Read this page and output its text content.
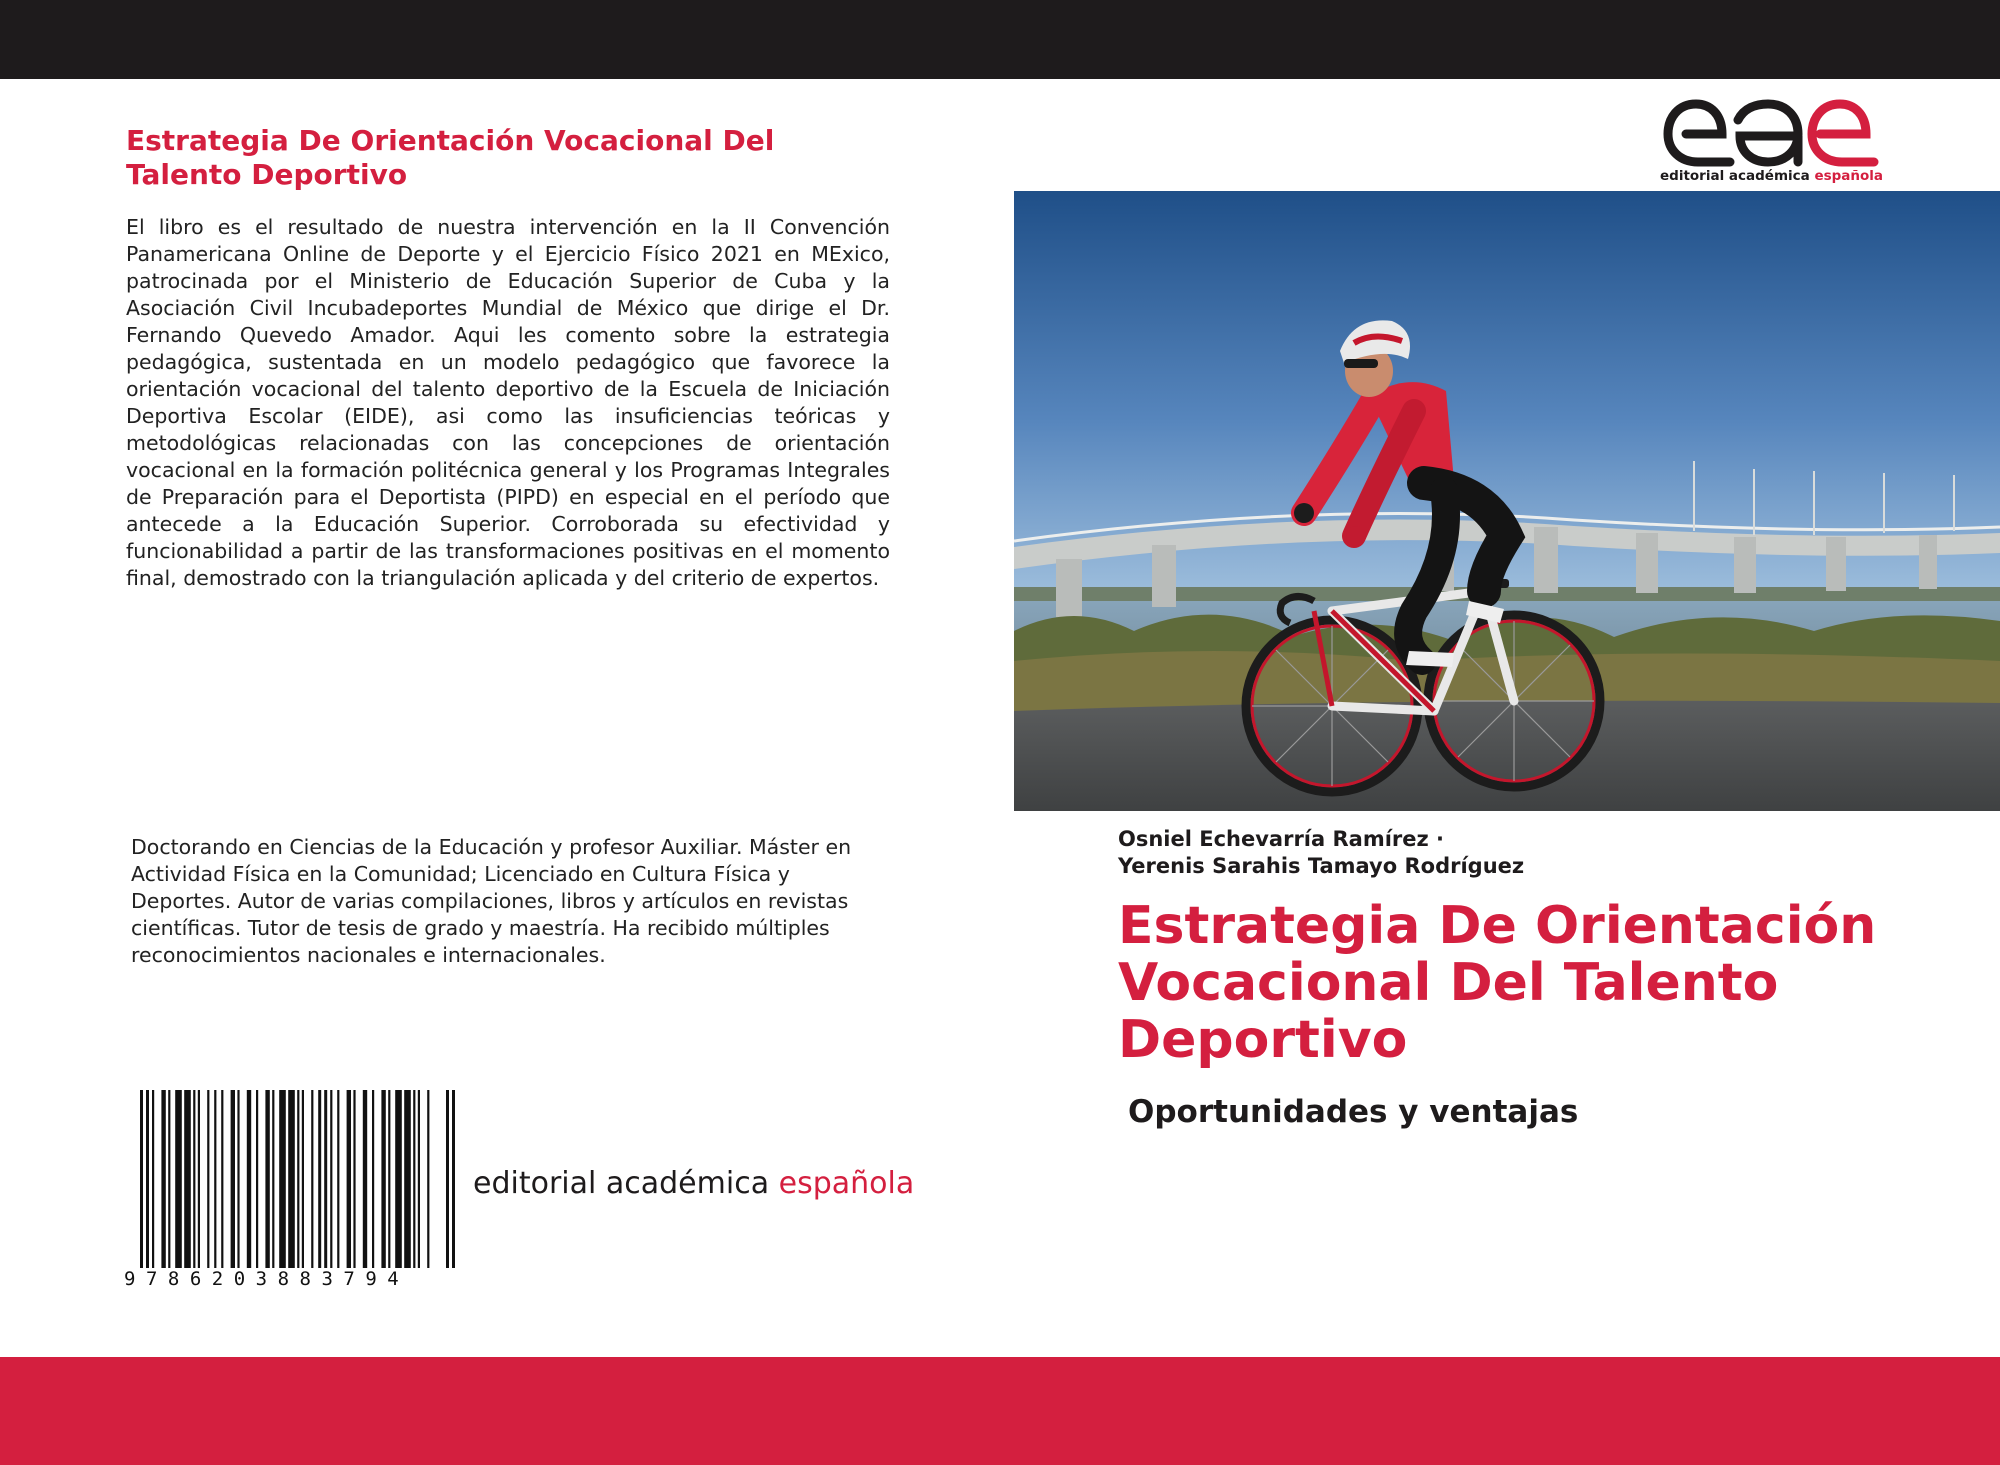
Estrategia De Orientación Vocacional Del Talento Deportivo

El libro es el resultado de nuestra intervención en la II Convención Panamericana Online de Deporte y el Ejercicio Físico 2021 en MExico, patrocinada por el Ministerio de Educación Superior de Cuba y la Asociación Civil Incubadeportes Mundial de México que dirige el Dr. Fernando Quevedo Amador. Aqui les comento sobre la estrategia pedagógica, sustentada en un modelo pedagógico que favorece la orientación vocacional del talento deportivo de la Escuela de Iniciación Deportiva Escolar (EIDE), asi como las insuficiencias teóricas y metodológicas relacionadas con las concepciones de orientación vocacional en la formación politécnica general y los Programas Integrales de Preparación para el Deportista (PIPD) en especial en el período que antecede a la Educación Superior. Corroborada su efectividad y funcionabilidad a partir de las transformaciones positivas en el momento final, demostrado con la triangulación aplicada y del criterio de expertos.

Doctorando en Ciencias de la Educación y profesor Auxiliar. Máster en Actividad Física en la Comunidad; Licenciado en Cultura Física y Deportes. Autor de varias compilaciones, libros y artículos en revistas científicas. Tutor de tesis de grado y maestría. Ha recibido múltiples reconocimientos nacionales e internacionales.

9786203883794
editorial académica española
editorial académica española
Osniel Echevarría Ramírez ·
Yerenis Sarahis Tamayo Rodríguez
Estrategia De Orientación Vocacional Del Talento Deportivo
Oportunidades y ventajas
